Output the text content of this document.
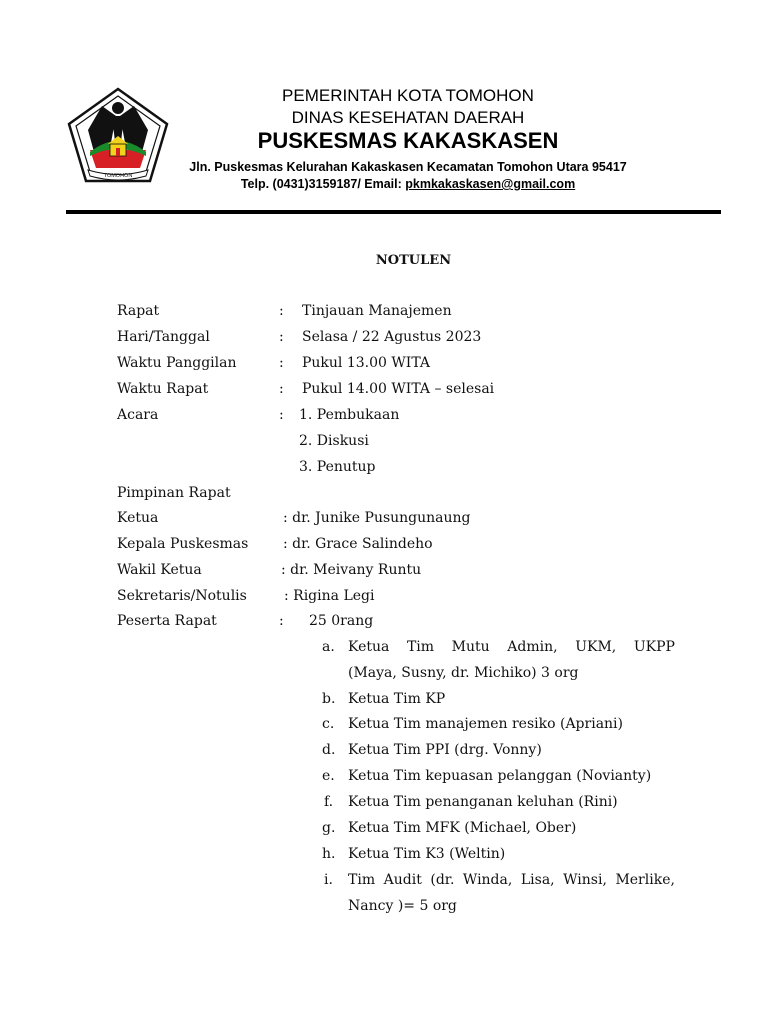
TOMOHON
PEMERINTAH KOTA TOMOHON
DINAS KESEHATAN DAERAH
PUSKESMAS KAKASKASEN
Jln. Puskesmas Kelurahan Kakaskasen Kecamatan Tomohon Utara 95417
Telp. (0431)3159187/ Email: pkmkakaskasen@gmail.com
NOTULEN
Rapat	: Tinjauan Manajemen
Hari/Tanggal	: Selasa / 22 Agustus 2023
Waktu Panggilan	: Pukul 13.00 WITA
Waktu Rapat	: Pukul 14.00 WITA – selesai
Acara	: 1. Pembukaan
2. Diskusi
3. Penutup
Pimpinan Rapat
Ketua	: dr. Junike Pusungunaung
Kepala Puskesmas : dr. Grace Salindeho
Wakil Ketua	: dr. Meivany Runtu
Sekretaris/Notulis	: Rigina Legi
Peserta Rapat	: 25 0rang
a. Ketua Tim Mutu Admin, UKM, UKPP
(Maya, Susny, dr. Michiko) 3 org
b. Ketua Tim KP
c. Ketua Tim manajemen resiko (Apriani)
d. Ketua Tim PPI (drg. Vonny)
e. Ketua Tim kepuasan pelanggan (Novianty)
f. Ketua Tim penanganan keluhan (Rini)
g. Ketua Tim MFK (Michael, Ober)
h. Ketua Tim K3 (Weltin)
i. Tim Audit (dr. Winda, Lisa, Winsi, Merlike,
Nancy )= 5 org
